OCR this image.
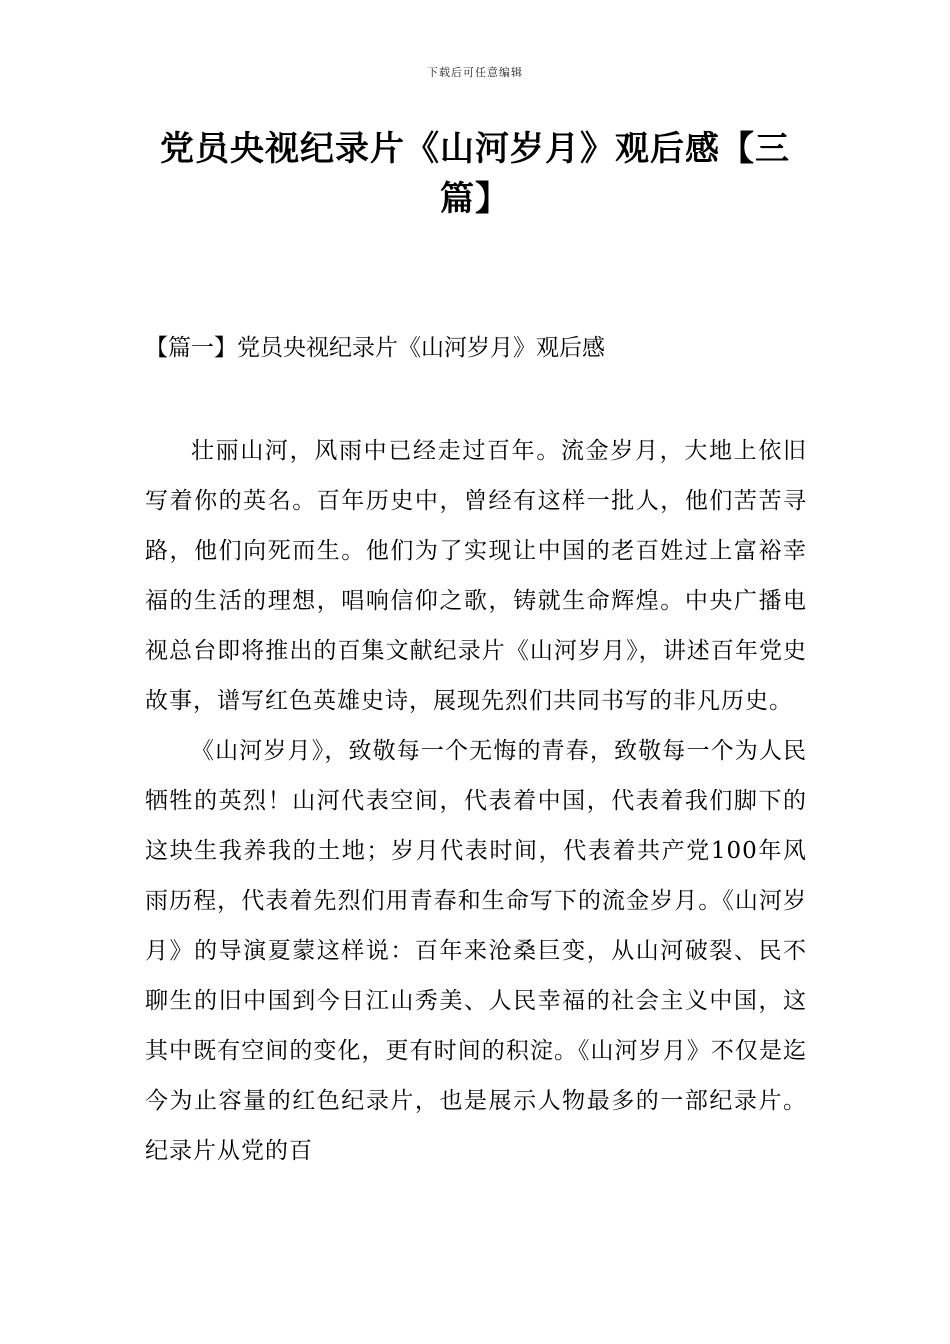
下载后可任意编辑
党员央视纪录片《山河岁月》观后感【三篇】
【篇一】党员央视纪录片《山河岁月》观后感

壮丽山河，风雨中已经走过百年。流金岁月，大地上依旧写着你的英名。百年历史中，曾经有这样一批人，他们苦苦寻路，他们向死而生。他们为了实现让中国的老百姓过上富裕幸福的生活的理想，唱响信仰之歌，铸就生命辉煌。中央广播电视总台即将推出的百集文献纪录片《山河岁月》，讲述百年党史故事，谱写红色英雄史诗，展现先烈们共同书写的非凡历史。

《山河岁月》，致敬每一个无悔的青春，致敬每一个为人民牺牲的英烈！山河代表空间，代表着中国，代表着我们脚下的这块生我养我的土地；岁月代表时间，代表着共产党100年风雨历程，代表着先烈们用青春和生命写下的流金岁月。《山河岁月》的导演夏蒙这样说：百年来沧桑巨变，从山河破裂、民不聊生的旧中国到今日江山秀美、人民幸福的社会主义中国，这其中既有空间的变化，更有时间的积淀。《山河岁月》不仅是迄今为止容量的红色纪录片，也是展示人物最多的一部纪录片。纪录片从党的百
